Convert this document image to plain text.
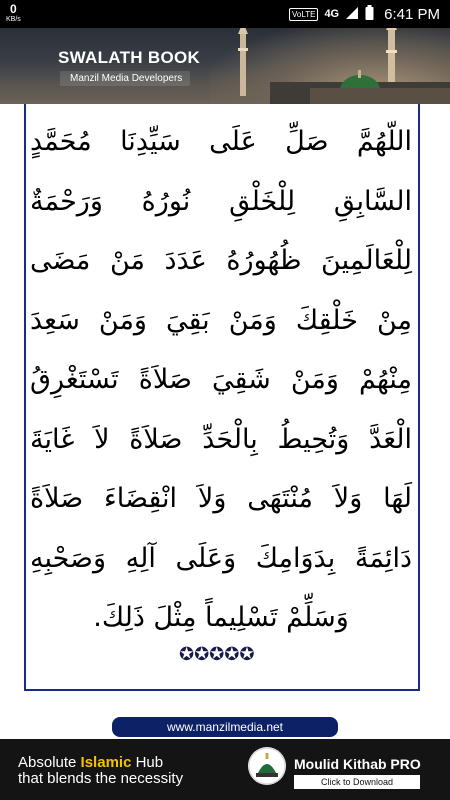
0
KB/s
VoLTE 4G	6:41 PM
SWALATH BOOK
Manzil Media Developers
اللّهُمَّ صَلِّ عَلَى سَيِّدِنَا مُحَمَّدٍ
السَّابِقِ لِلْخَلْقِ نُورُهُ وَرَحْمَةٌ
لِلْعَالَمِينَ ظُهُورُهُ عَدَدَ مَنْ مَضَى
مِنْ خَلْقِكَ وَمَنْ بَقِيَ وَمَنْ سَعِدَ
مِنْهُمْ وَمَنْ شَقِيَ صَلاَةً تَسْتَغْرِقُ
الْعَدَّ وَتُحِيطُ بِالْحَدِّ صَلاَةً لاَ غَايَةَ
لَهَا وَلاَ مُنْتَهَى وَلاَ انْقِضَاءَ صَلاَةً
دَائِمَةً بِدَوَامِكَ وَعَلَى آلِهِ وَصَحْبِهِ
وَسَلِّمْ تَسْلِيماً مِثْلَ ذَلِكَ.
✪✪✪✪✪
www.manzilmedia.net
Absolute Islamic Hub
that blends the necessity
Moulid Kithab PRO
Click to Download
